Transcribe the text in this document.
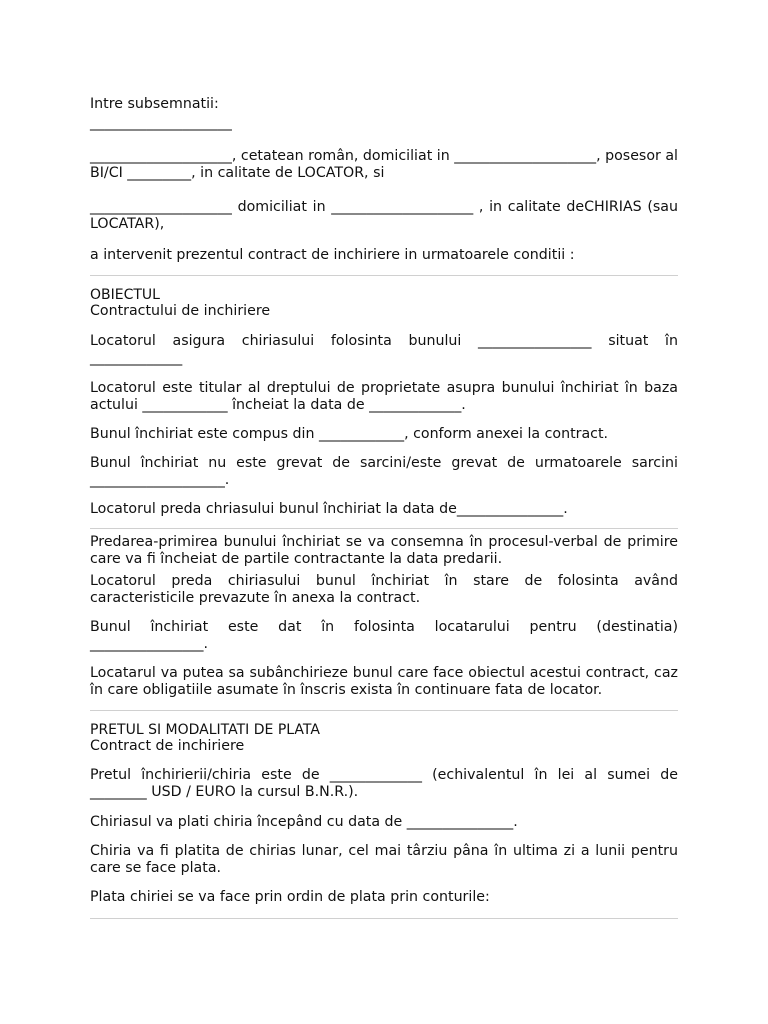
Intre subsemnatii:

____________________

____________________, cetatean român, domiciliat in ____________________, posesor al BI/CI _________, in calitate de LOCATOR, si

____________________ domiciliat in ____________________ , in calitate deCHIRIAS (sau LOCATAR),

a intervenit prezentul contract de inchiriere in urmatoarele conditii :

OBIECTUL
Contractului de inchiriere

Locatorul asigura chiriasului folosinta bunului ________________ situat în _____________

Locatorul este titular al dreptului de proprietate asupra bunului închiriat în baza actului ____________ încheiat la data de _____________.

Bunul închiriat este compus din ____________, conform anexei la contract.

Bunul închiriat nu este grevat de sarcini/este grevat de urmatoarele sarcini ___________________.

Locatorul preda chriasului bunul închiriat la data de_______________.

Predarea-primirea bunului închiriat se va consemna în procesul-verbal de primire care va fi încheiat de partile contractante la data predarii.

Locatorul preda chiriasului bunul închiriat în stare de folosinta având caracteristicile prevazute în anexa la contract.

Bunul închiriat este dat în folosinta locatarului pentru (destinatia) ________________.

Locatarul va putea sa subânchirieze bunul care face obiectul acestui contract, caz în care obligatiile asumate în înscris exista în continuare fata de locator.

PRETUL SI MODALITATI DE PLATA
Contract de inchiriere

Pretul închirierii/chiria este de _____________ (echivalentul în lei al sumei de ________ USD / EURO la cursul B.N.R.).

Chiriasul va plati chiria începând cu data de _______________.

Chiria va fi platita de chirias lunar, cel mai târziu pâna în ultima zi a lunii pentru care se face plata.

Plata chiriei se va face prin ordin de plata prin conturile:
